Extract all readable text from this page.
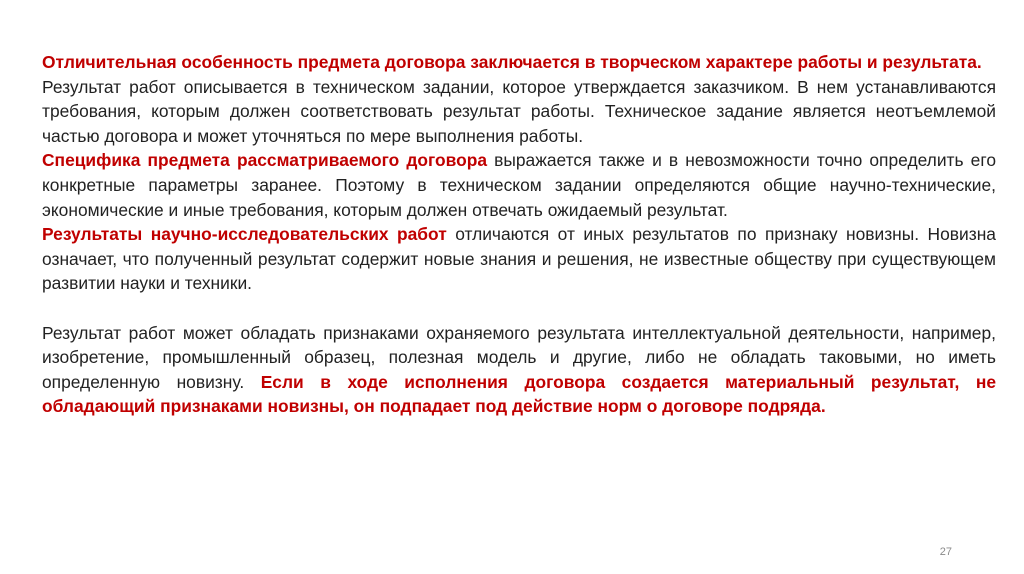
Отличительная особенность предмета договора заключается в творческом характере работы и результата.

Результат работ описывается в техническом задании, которое утверждается заказчиком. В нем устанавливаются требования, которым должен соответствовать результат работы. Техническое задание является неотъемлемой частью договора и может уточняться по мере выполнения работы.

Специфика предмета рассматриваемого договора выражается также и в невозможности точно определить его конкретные параметры заранее. Поэтому в техническом задании определяются общие научно-технические, экономические и иные требования, которым должен отвечать ожидаемый результат.

Результаты научно-исследовательских работ отличаются от иных результатов по признаку новизны. Новизна означает, что полученный результат содержит новые знания и решения, не известные обществу при существующем развитии науки и техники.

Результат работ может обладать признаками охраняемого результата интеллектуальной деятельности, например, изобретение, промышленный образец, полезная модель и другие, либо не обладать таковыми, но иметь определенную новизну. Если в ходе исполнения договора создается материальный результат, не обладающий признаками новизны, он подпадает под действие норм о договоре подряда.

27
